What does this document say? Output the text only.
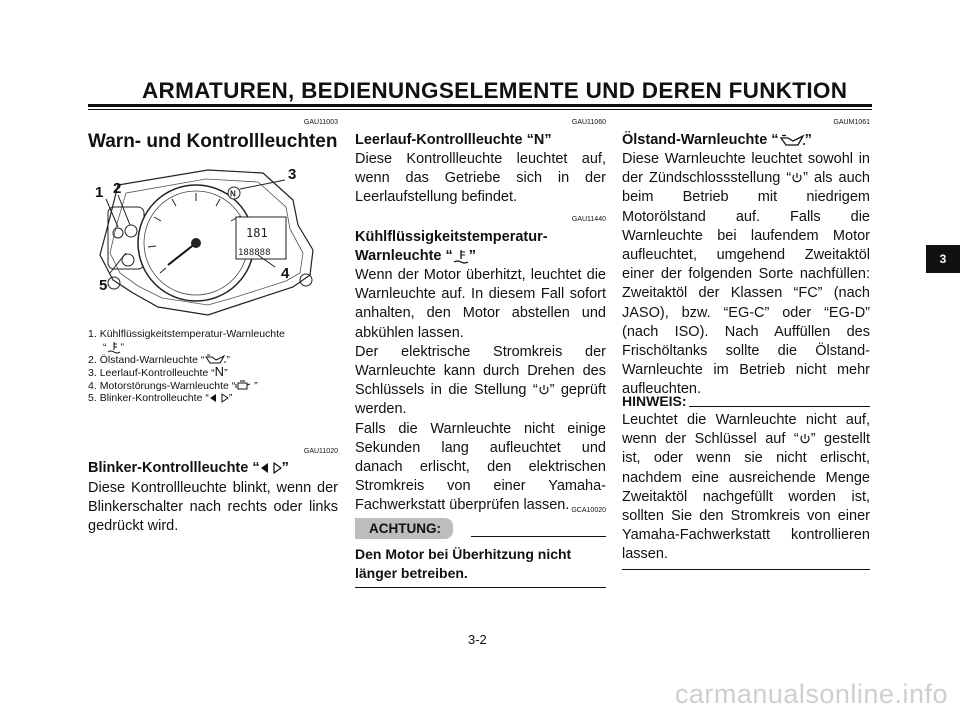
ARMATUREN, BEDIENUNGSELEMENTE UND DEREN FUNKTION
GAU11003
Warn- und Kontrollleuchten
181
188888
N
1 2
3
4
5
1. Kühlflüssigkeitstemperatur-Warnleuchte
“ ”
2. Ölstand-Warnleuchte “ ”
3. Leerlauf-Kontrolleuchte “N”
4. Motorstörungs-Warnleuchte “ ”
5. Blinker-Kontrolleuchte “ ”
GAU11020
Blinker-Kontrollleuchte “ ”
Diese Kontrollleuchte blinkt, wenn der Blinkerschalter nach rechts oder links gedrückt wird.
GAU11060
Leerlauf-Kontrollleuchte “N”
Diese Kontrollleuchte leuchtet auf, wenn das Getriebe sich in der Leerlaufstellung befindet.
GAU11440
Kühlflüssigkeitstemperatur-
Warnleuchte “ ”
Wenn der Motor überhitzt, leuchtet die Warnleuchte auf. In diesem Fall sofort anhalten, den Motor abstellen und abkühlen lassen.
Der elektrische Stromkreis der Warnleuchte kann durch Drehen des Schlüssels in die Stellung “ ” geprüft werden.
Falls die Warnleuchte nicht einige Sekunden lang aufleuchtet und danach erlischt, den elektrischen Stromkreis von einer Yamaha-Fachwerkstatt überprüfen lassen. GCA10020
ACHTUNG:
Den Motor bei Überhitzung nicht länger betreiben.
GAUM1061
Ölstand-Warnleuchte “ ”
Diese Warnleuchte leuchtet sowohl in der Zündschlossstellung “ ” als auch beim Betrieb mit niedrigem Motorölstand auf. Falls die Warnleuchte bei laufendem Motor aufleuchtet, umgehend Zweitaktöl einer der folgenden Sorte nachfüllen: Zweitaktöl der Klassen “FC” (nach JASO), bzw. “EG-C” oder “EG-D” (nach ISO). Nach Auffüllen des Frischöltanks sollte die Ölstand-Warnleuchte im Betrieb nicht mehr aufleuchten.
HINWEIS:
Leuchtet die Warnleuchte nicht auf, wenn der Schlüssel auf “ ” gestellt ist, oder wenn sie nicht erlischt, nachdem eine ausreichende Menge Zweitaktöl nachgefüllt worden ist, sollten Sie den Stromkreis von einer Yamaha-Fachwerkstatt kontrollieren lassen.
3
3-2
carmanualsonline.info
